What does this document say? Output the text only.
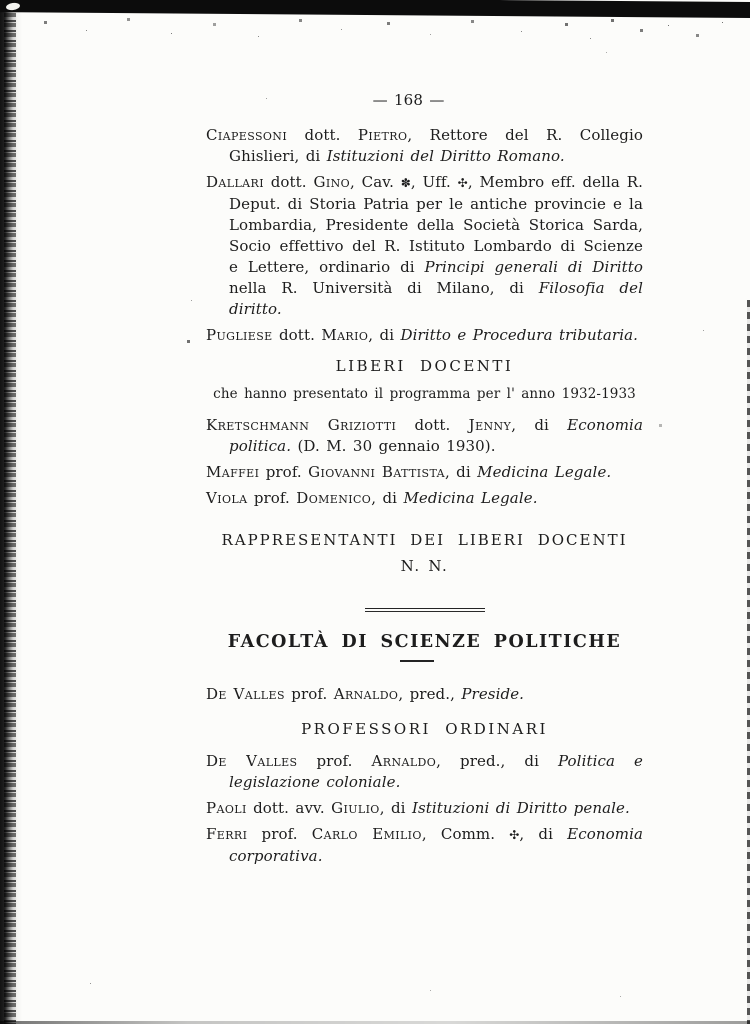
— 168 —

Ciapessoni dott. Pietro, Rettore del R. Collegio Ghislieri, di Istituzioni del Diritto Romano.

Dallari dott. Gino, Cav. ✽, Uff. ✣, Membro eff. della R. Deput. di Storia Patria per le antiche provincie e la Lombardia, Presidente della Società Storica Sarda, Socio effettivo del R. Istituto Lombardo di Scienze e Lettere, ordinario di Principi generali di Diritto nella R. Università di Milano, di Filosofia del diritto.

Pugliese dott. Mario, di Diritto e Procedura tributaria.

LIBERI DOCENTI
che hanno presentato il programma per l' anno 1932-1933

Kretschmann Griziotti dott. Jenny, di Economia politica. (D. M. 30 gennaio 1930).

Maffei prof. Giovanni Battista, di Medicina Legale.

Viola prof. Domenico, di Medicina Legale.

RAPPRESENTANTI DEI LIBERI DOCENTI
N. N.
FACOLTÀ DI SCIENZE POLITICHE

De Valles prof. Arnaldo, pred., Preside.

PROFESSORI ORDINARI

De Valles prof. Arnaldo, pred., di Politica e legislazione coloniale.

Paoli dott. avv. Giulio, di Istituzioni di Diritto penale.

Ferri prof. Carlo Emilio, Comm. ✣, di Economia corporativa.
